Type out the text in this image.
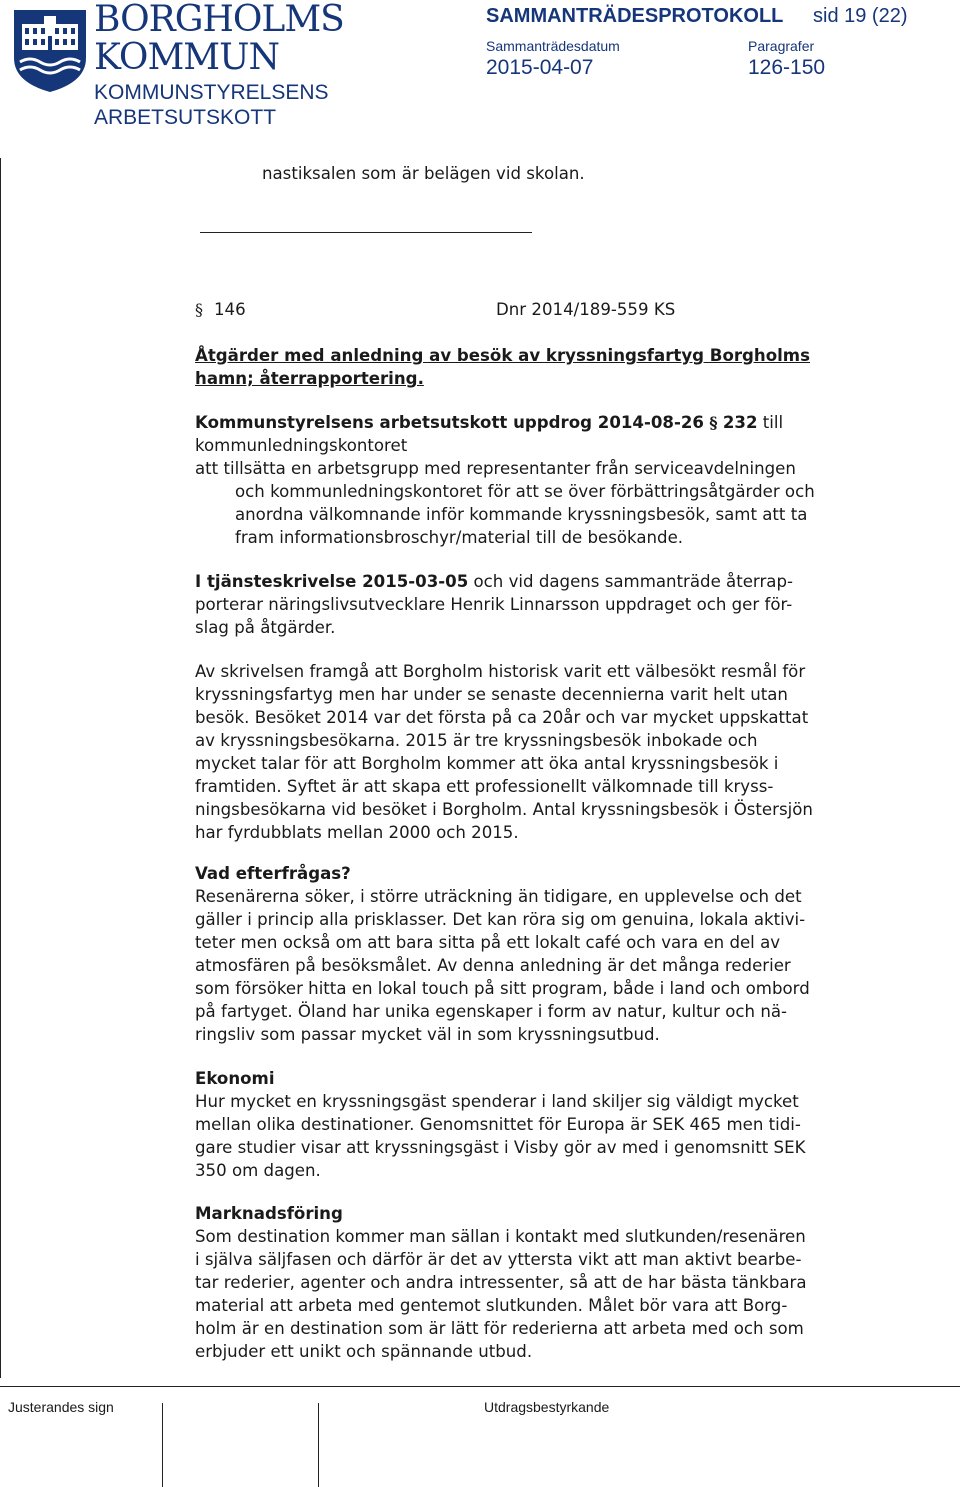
BORGHOLMS
KOMMUN
KOMMUNSTYRELSENS
ARBETSUTSKOTT
SAMMANTRÄDESPROTOKOLL sid 19 (22)
Sammanträdesdatum
2015-04-07
Paragrafer
126-150
nastiksalen som är belägen vid skolan.
§ 146	Dnr 2014/189-559 KS
Åtgärder med anledning av besök av kryssningsfartyg Borgholms
hamn; återrapportering.
Kommunstyrelsens arbetsutskott uppdrog 2014-08-26 § 232 till
kommunledningskontoret
att tillsätta en arbetsgrupp med representanter från serviceavdelningen
och kommunledningskontoret för att se över förbättringsåtgärder och
anordna välkomnande inför kommande kryssningsbesök, samt att ta
fram informationsbroschyr/material till de besökande.
I tjänsteskrivelse 2015-03-05 och vid dagens sammanträde återrap-
porterar näringslivsutvecklare Henrik Linnarsson uppdraget och ger för-
slag på åtgärder.
Av skrivelsen framgå att Borgholm historisk varit ett välbesökt resmål för
kryssningsfartyg men har under se senaste decennierna varit helt utan
besök. Besöket 2014 var det första på ca 20år och var mycket uppskattat
av kryssningsbesökarna. 2015 är tre kryssningsbesök inbokade och
mycket talar för att Borgholm kommer att öka antal kryssningsbesök i
framtiden. Syftet är att skapa ett professionellt välkomnade till kryss-
ningsbesökarna vid besöket i Borgholm. Antal kryssningsbesök i Östersjön
har fyrdubblats mellan 2000 och 2015.
Vad efterfrågas?
Resenärerna söker, i större uträckning än tidigare, en upplevelse och det
gäller i princip alla prisklasser. Det kan röra sig om genuina, lokala aktivi-
teter men också om att bara sitta på ett lokalt café och vara en del av
atmosfären på besöksmålet. Av denna anledning är det många rederier
som försöker hitta en lokal touch på sitt program, både i land och ombord
på fartyget. Öland har unika egenskaper i form av natur, kultur och nä-
ringsliv som passar mycket väl in som kryssningsutbud.
Ekonomi
Hur mycket en kryssningsgäst spenderar i land skiljer sig väldigt mycket
mellan olika destinationer. Genomsnittet för Europa är SEK 465 men tidi-
gare studier visar att kryssningsgäst i Visby gör av med i genomsnitt SEK
350 om dagen.
Marknadsföring
Som destination kommer man sällan i kontakt med slutkunden/resenären
i själva säljfasen och därför är det av yttersta vikt att man aktivt bearbe-
tar rederier, agenter och andra intressenter, så att de har bästa tänkbara
material att arbeta med gentemot slutkunden. Målet bör vara att Borg-
holm är en destination som är lätt för rederierna att arbeta med och som
erbjuder ett unikt och spännande utbud.
Justerandes sign	Utdragsbestyrkande
